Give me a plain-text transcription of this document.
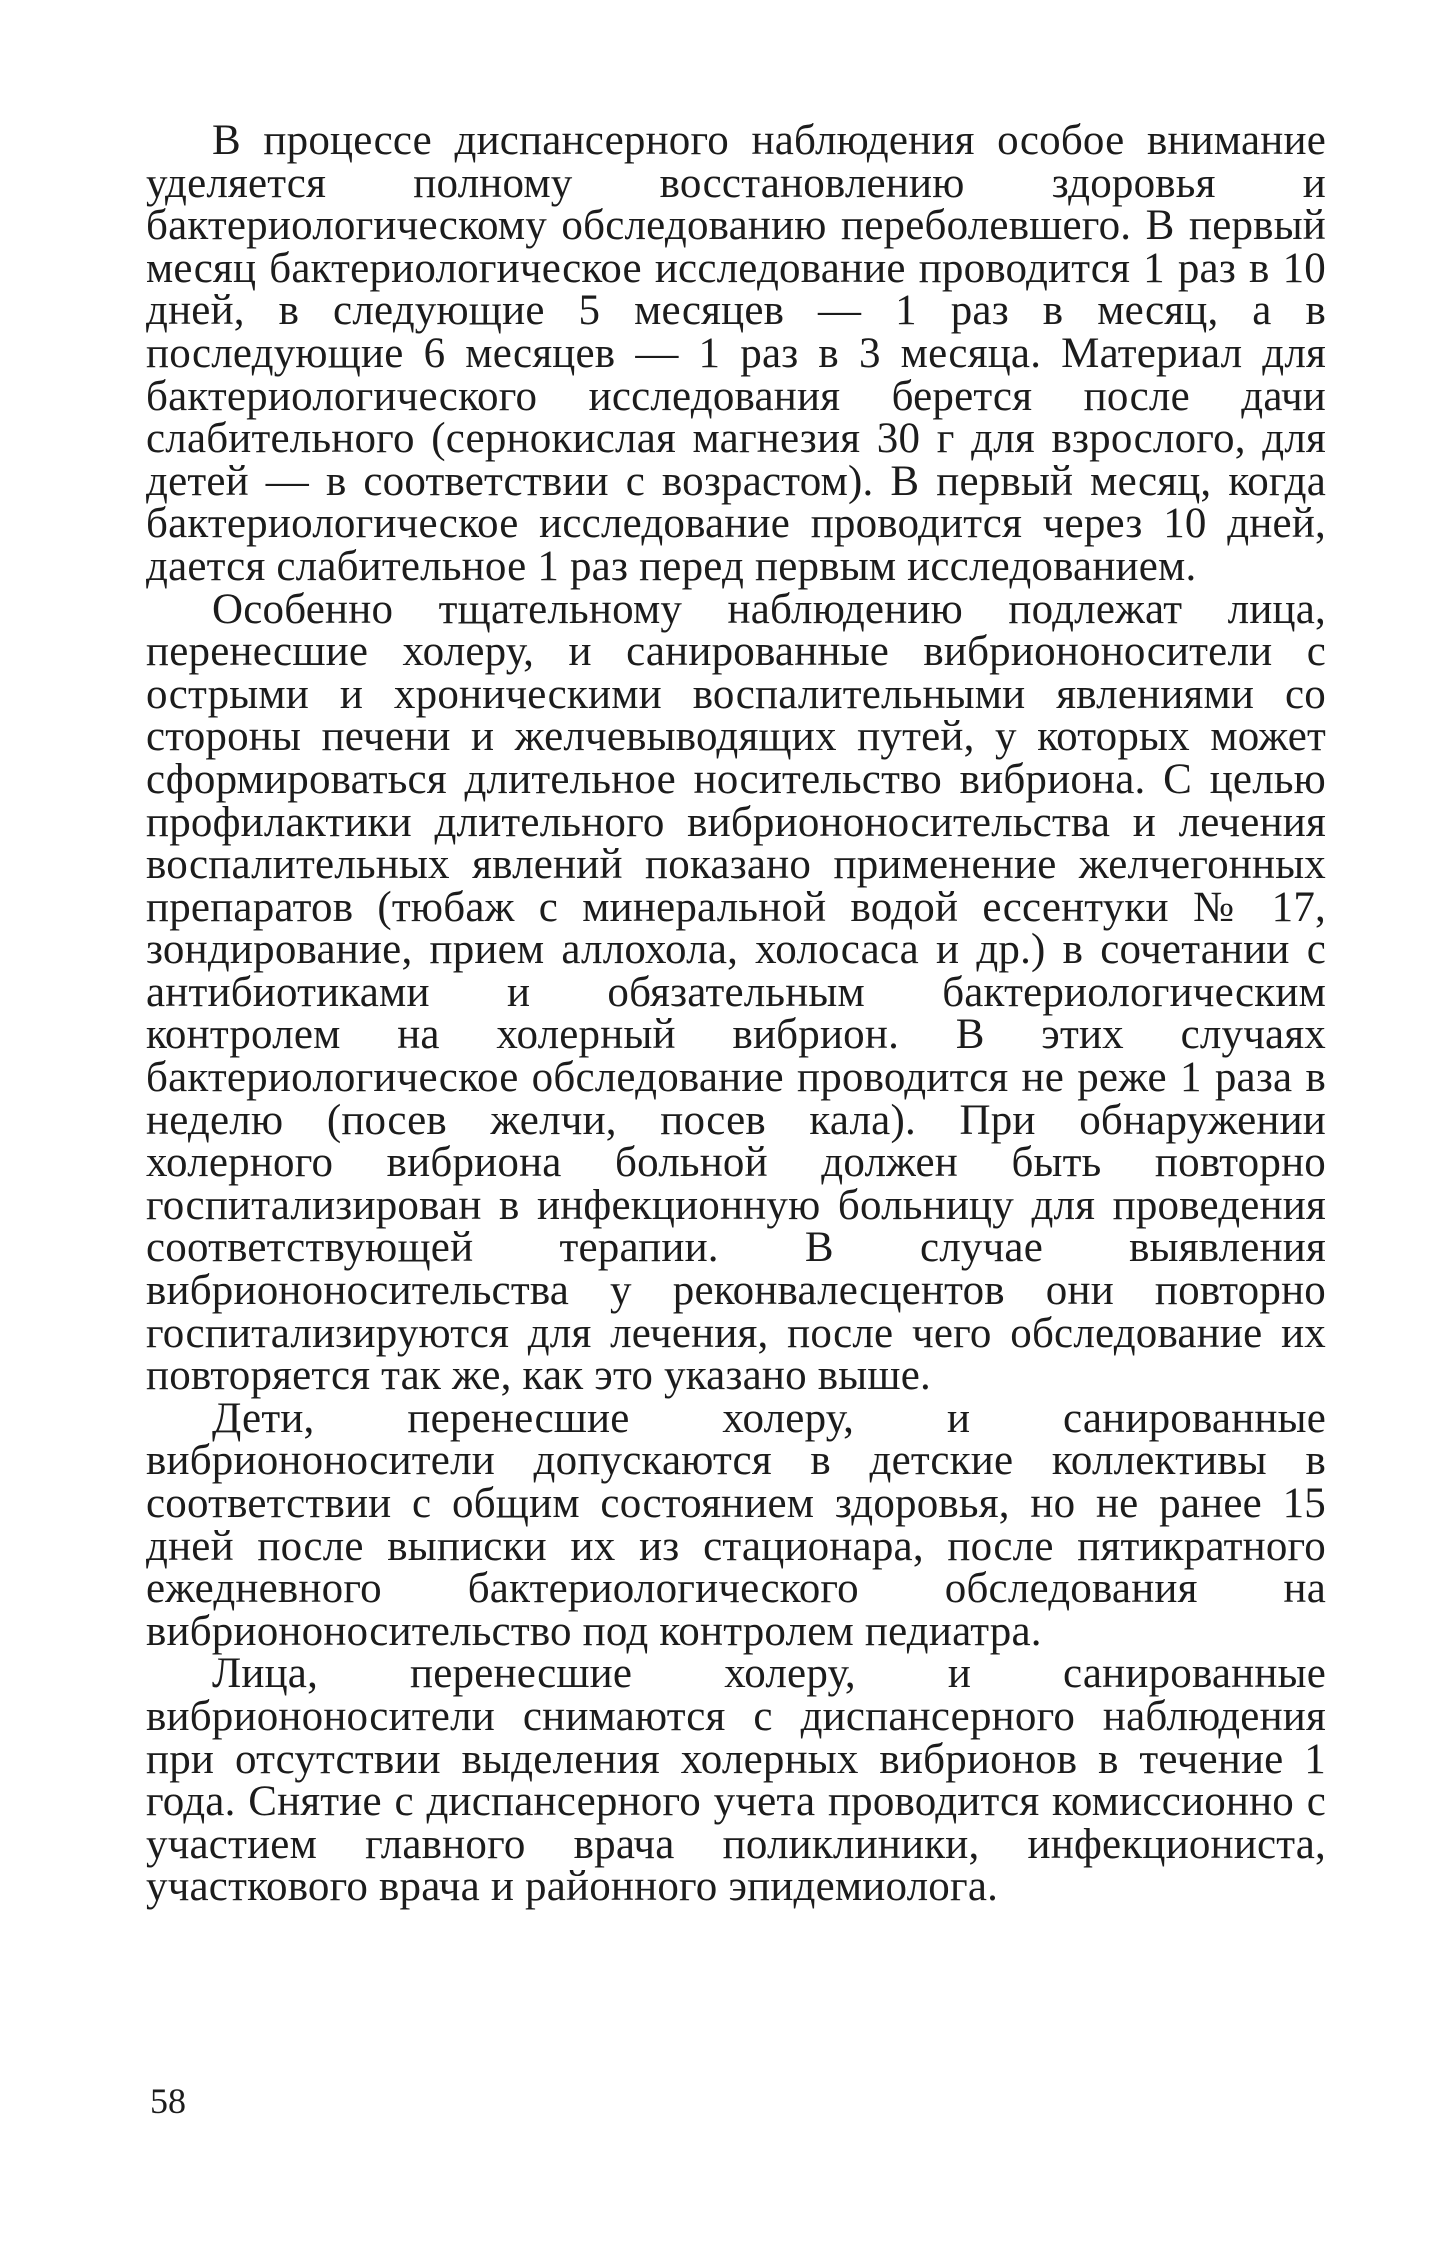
В процессе диспансерного наблюдения особое внимание уделяется полному восстановлению здоровья и бактериологическому обследованию переболевшего. В первый месяц бактериологическое исследование проводится 1 раз в 10 дней, в следующие 5 месяцев — 1 раз в месяц, а в последующие 6 месяцев — 1 раз в 3 месяца. Материал для бактериологического исследования берется после дачи слабительного (сернокислая магнезия 30 г для взрослого, для детей — в соответствии с возрастом). В первый месяц, когда бактериологическое исследование проводится через 10 дней, дается слабительное 1 раз перед первым исследованием.

Особенно тщательному наблюдению подлежат лица, перенесшие холеру, и санированные вибриононосители с острыми и хроническими воспалительными явлениями со стороны печени и желчевыводящих путей, у которых может сформироваться длительное носительство вибриона. С целью профилактики длительного вибриононосительства и лечения воспалительных явлений показано применение желчегонных препаратов (тюбаж с минеральной водой ессентуки № 17, зондирование, прием аллохола, холосаса и др.) в сочетании с антибиотиками и обязательным бактериологическим контролем на холерный вибрион. В этих случаях бактериологическое обследование проводится не реже 1 раза в неделю (посев желчи, посев кала). При обнаружении холерного вибриона больной должен быть повторно госпитализирован в инфекционную больницу для проведения соответствующей терапии. В случае выявления вибриононосительства у реконвалесцентов они повторно госпитализируются для лечения, после чего обследование их повторяется так же, как это указано выше.

Дети, перенесшие холеру, и санированные вибриононосители допускаются в детские коллективы в соответствии с общим состоянием здоровья, но не ранее 15 дней после выписки их из стационара, после пятикратного ежедневного бактериологического обследования на вибриононосительство под контролем педиатра.

Лица, перенесшие холеру, и санированные вибриононосители снимаются с диспансерного наблюдения при отсутствии выделения холерных вибрионов в течение 1 года. Снятие с диспансерного учета проводится комиссионно с участием главного врача поликлиники, инфекциониста, участкового врача и районного эпидемиолога.

58
